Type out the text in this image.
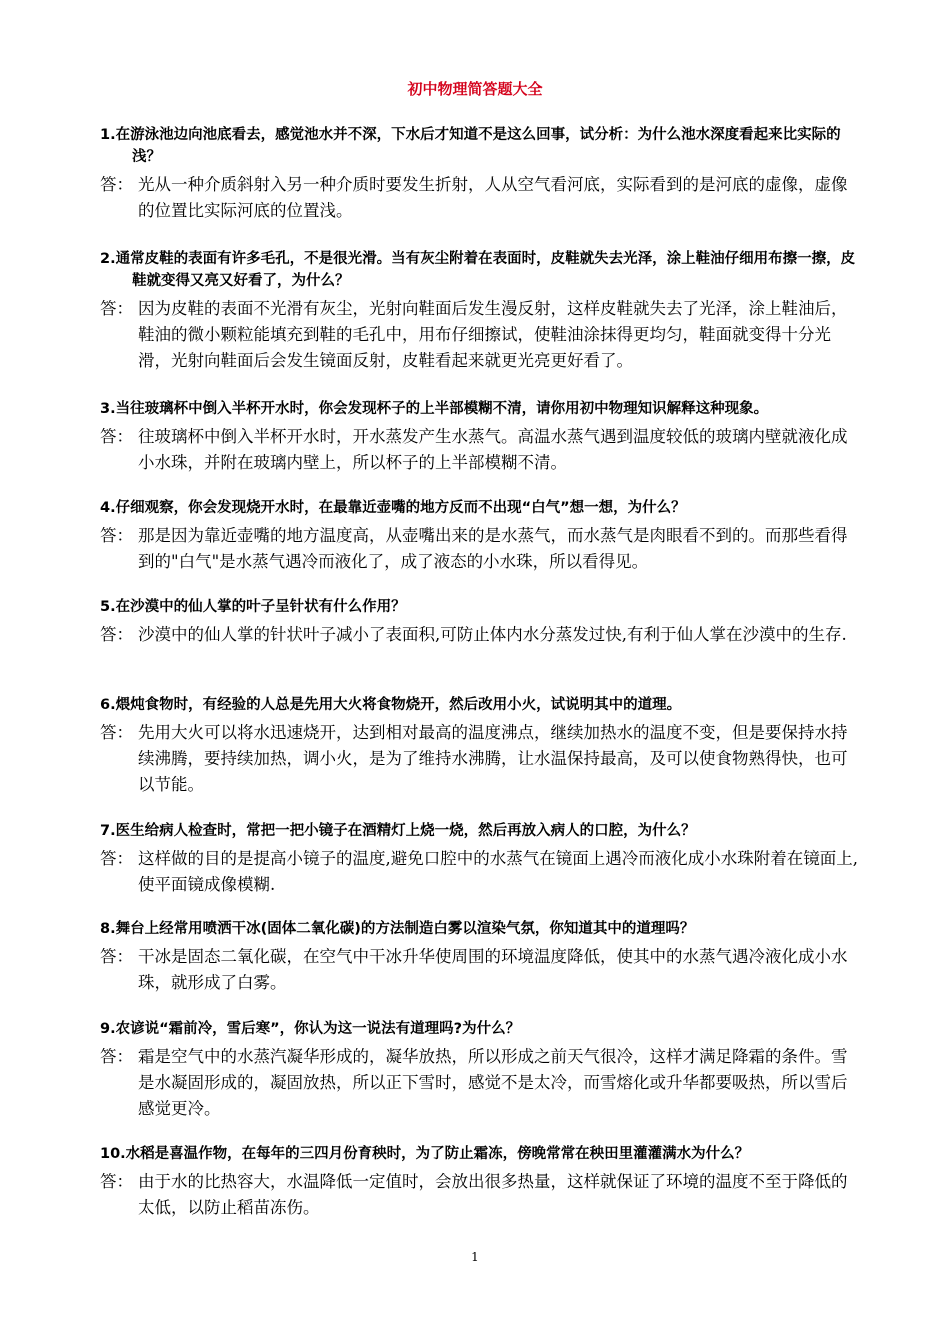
初中物理简答题大全
1.在游泳池边向池底看去，感觉池水并不深，下水后才知道不是这么回事，试分析：为什么池水深度看起来比实际的浅？
答： 光从一种介质斜射入另一种介质时要发生折射，人从空气看河底，实际看到的是河底的虚像，虚像的位置比实际河底的位置浅。
2.通常皮鞋的表面有许多毛孔，不是很光滑。当有灰尘附着在表面时，皮鞋就失去光泽，涂上鞋油仔细用布擦一擦，皮鞋就变得又亮又好看了，为什么？
答： 因为皮鞋的表面不光滑有灰尘，光射向鞋面后发生漫反射，这样皮鞋就失去了光泽，涂上鞋油后，鞋油的微小颗粒能填充到鞋的毛孔中，用布仔细擦试，使鞋油涂抹得更均匀，鞋面就变得十分光滑，光射向鞋面后会发生镜面反射，皮鞋看起来就更光亮更好看了。
3.当往玻璃杯中倒入半杯开水时，你会发现杯子的上半部模糊不清，请你用初中物理知识解释这种现象。
答： 往玻璃杯中倒入半杯开水时，开水蒸发产生水蒸气。高温水蒸气遇到温度较低的玻璃内壁就液化成小水珠，并附在玻璃内壁上，所以杯子的上半部模糊不清。
4.仔细观察，你会发现烧开水时，在最靠近壶嘴的地方反而不出现“白气”想一想，为什么？
答： 那是因为靠近壶嘴的地方温度高，从壶嘴出来的是水蒸气，而水蒸气是肉眼看不到的。而那些看得到的"白气"是水蒸气遇冷而液化了，成了液态的小水珠，所以看得见。
5.在沙漠中的仙人掌的叶子呈针状有什么作用？
答： 沙漠中的仙人掌的针状叶子减小了表面积,可防止体内水分蒸发过快,有利于仙人掌在沙漠中的生存.
6.煨炖食物时，有经验的人总是先用大火将食物烧开，然后改用小火，试说明其中的道理。
答： 先用大火可以将水迅速烧开，达到相对最高的温度沸点，继续加热水的温度不变，但是要保持水持续沸腾，要持续加热，调小火，是为了维持水沸腾，让水温保持最高，及可以使食物熟得快，也可以节能。
7.医生给病人检查时，常把一把小镜子在酒精灯上烧一烧，然后再放入病人的口腔，为什么？
答： 这样做的目的是提高小镜子的温度,避免口腔中的水蒸气在镜面上遇冷而液化成小水珠附着在镜面上,使平面镜成像模糊.
8.舞台上经常用喷洒干冰(固体二氧化碳)的方法制造白雾以渲染气氛，你知道其中的道理吗？
答： 干冰是固态二氧化碳，在空气中干冰升华使周围的环境温度降低，使其中的水蒸气遇冷液化成小水珠，就形成了白雾。
9.农谚说“霜前冷，雪后寒”，你认为这一说法有道理吗?为什么？
答： 霜是空气中的水蒸汽凝华形成的，凝华放热，所以形成之前天气很冷，这样才满足降霜的条件。雪是水凝固形成的，凝固放热，所以正下雪时，感觉不是太冷，而雪熔化或升华都要吸热，所以雪后感觉更冷。
10.水稻是喜温作物，在每年的三四月份育秧时，为了防止霜冻，傍晚常常在秧田里灌灌满水为什么？
答： 由于水的比热容大，水温降低一定值时，会放出很多热量，这样就保证了环境的温度不至于降低的太低，以防止稻苗冻伤。
1
